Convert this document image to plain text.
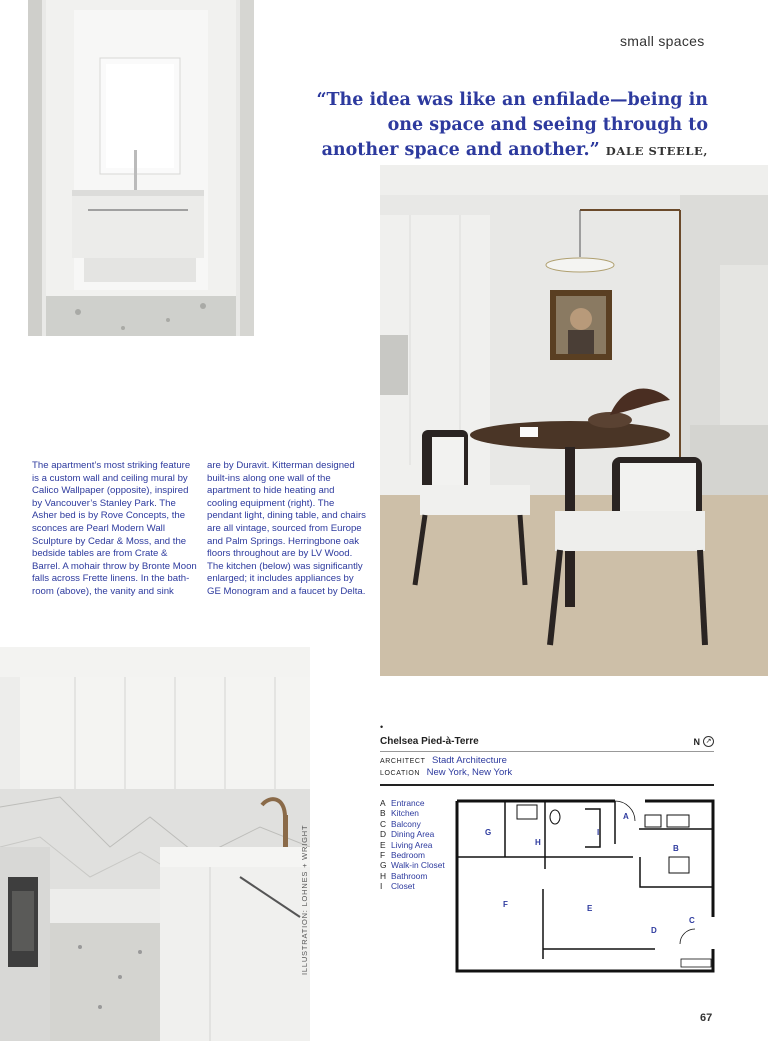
small spaces
“The idea was like an enfilade—being in one space and seeing through to another space and another.” DALE STEELE,

The apartment’s most striking feature is a custom wall and ceiling mural by Calico Wallpaper (opposite), inspired by Vancouver’s Stanley Park. The Asher bed is by Rove Concepts, the sconces are Pearl Modern Wall Sculpture by Cedar & Moss, and the bedside tables are from Crate & Barrel. A mohair throw by Bronte Moon falls across Frette linens. In the bathroom (above), the vanity and sink

are by Duravit. Kitterman designed built-ins along one wall of the apartment to hide heating and cooling equipment (right). The pendant light, dining table, and chairs are all vintage, sourced from Europe and Palm Springs. Herringbone oak floors throughout are by LV Wood. The kitchen (below) was significantly enlarged; it includes appliances by GE Monogram and a faucet by Delta.

ILLUSTRATION: LOHNES + WRIGHT
•
Chelsea Pied-à-Terre	N ↗
ARCHITECT Stadt Architecture
LOCATION New York, New York
A Entrance
B Kitchen
C Balcony
D Dining Area
E Living Area
F Bedroom
G Walk-in Closet
H Bathroom
I	Closet
G
H
I
A
B
F	E
D
C
67
